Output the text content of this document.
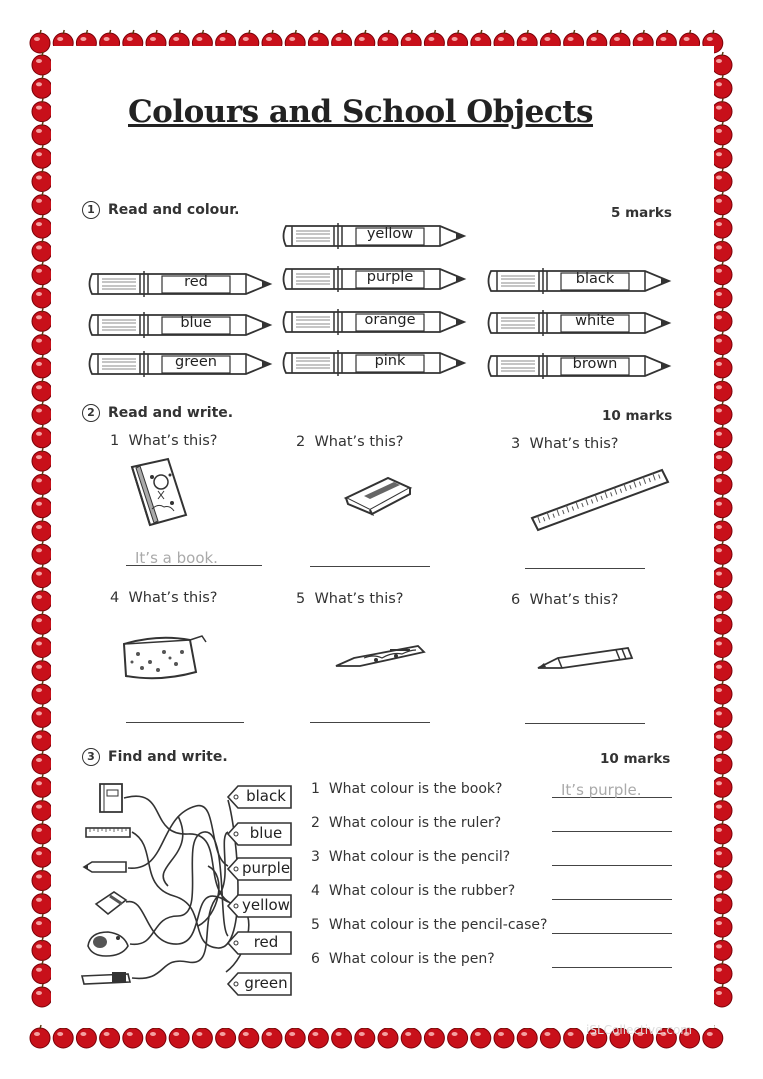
Colours and School Objects
1 Read and colour.	5 marks
yellow
red	purple	black
blue	orange	white
green	pink	brown
2 Read and write.	10 marks
1 What’s this?	2 What’s this?	3 What’s this?
It’s a book.
4 What’s this?	5 What’s this?	6 What’s this?
3 Find and write.	10 marks
black
blue
purple
yellow
red
green
1 What colour is the book?
2 What colour is the ruler?
3 What colour is the pencil?
4 What colour is the rubber?
5 What colour is the pencil-case?
6 What colour is the pen?
It’s purple.
iSLCollective.com
